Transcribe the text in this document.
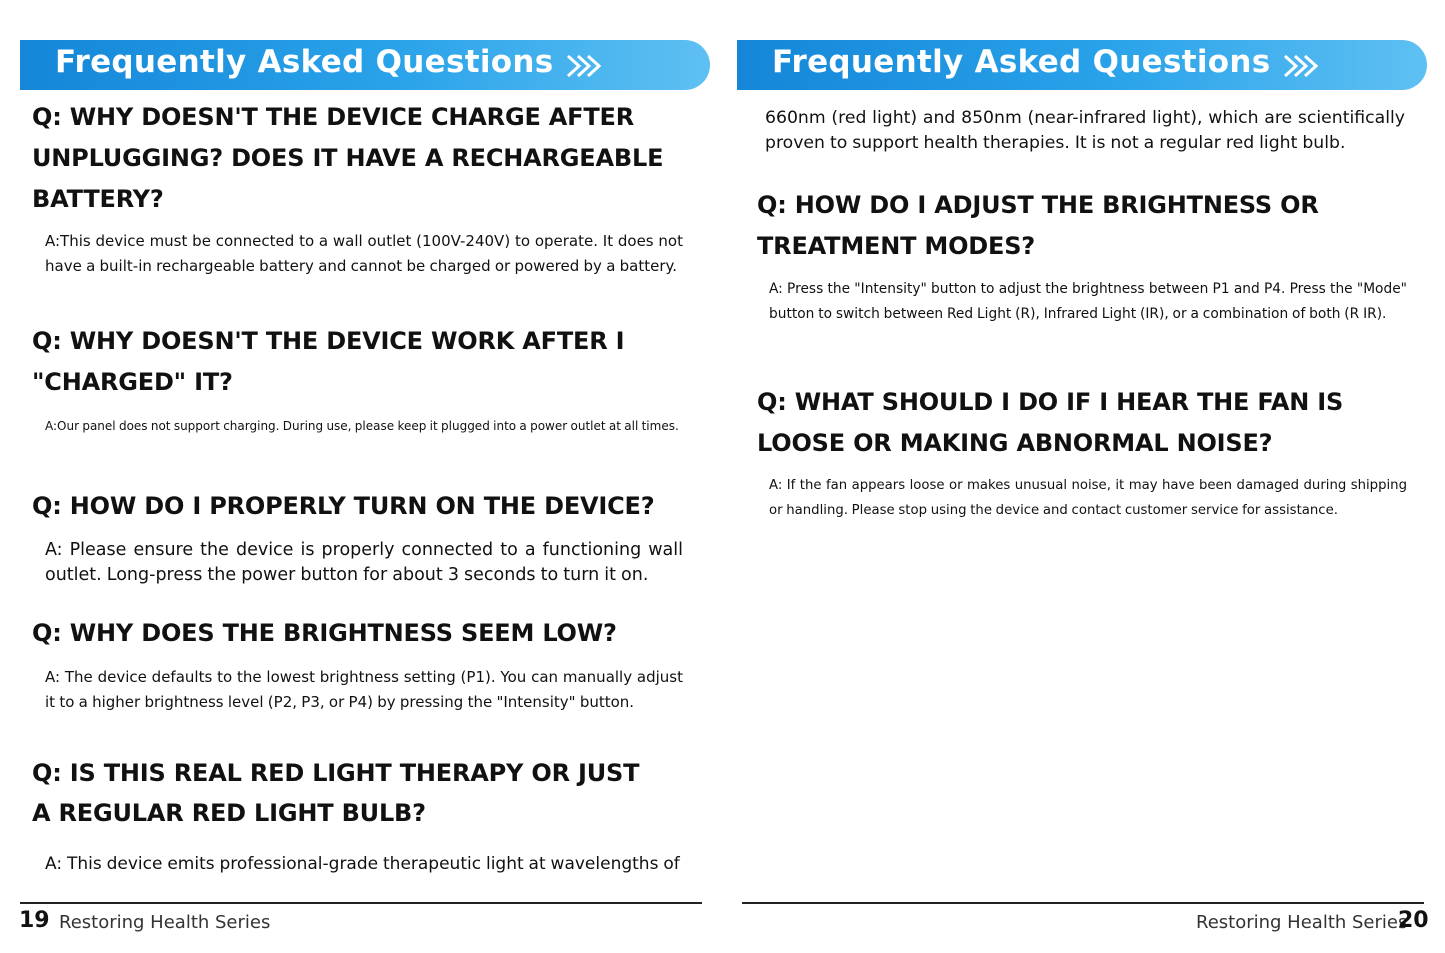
Frequently Asked Questions
Q: WHY DOESN'T THE DEVICE CHARGE AFTER
UNPLUGGING? DOES IT HAVE A RECHARGEABLE
BATTERY?

A:This device must be connected to a wall outlet (100V-240V) to operate. It does not have a built-in rechargeable battery and cannot be charged or powered by a battery.

Q: WHY DOESN'T THE DEVICE WORK AFTER I
"CHARGED" IT?

A:Our panel does not support charging. During use, please keep it plugged into a power outlet at all times.

Q: HOW DO I PROPERLY TURN ON THE DEVICE?

A: Please ensure the device is properly connected to a functioning wall outlet. Long-press the power button for about 3 seconds to turn it on.

Q: WHY DOES THE BRIGHTNESS SEEM LOW?

A: The device defaults to the lowest brightness setting (P1). You can manually adjust it to a higher brightness level (P2, P3, or P4) by pressing the "Intensity" button.

Q: IS THIS REAL RED LIGHT THERAPY OR JUST
A REGULAR RED LIGHT BULB?

A: This device emits professional-grade therapeutic light at wavelengths of

19 Restoring Health Series
Frequently Asked Questions

660nm (red light) and 850nm (near-infrared light), which are scientifically proven to support health therapies. It is not a regular red light bulb.

Q: HOW DO I ADJUST THE BRIGHTNESS OR
TREATMENT MODES?

A: Press the "Intensity" button to adjust the brightness between P1 and P4. Press the "Mode" button to switch between Red Light (R), Infrared Light (IR), or a combination of both (R IR).

Q: WHAT SHOULD I DO IF I HEAR THE FAN IS
LOOSE OR MAKING ABNORMAL NOISE?

A: If the fan appears loose or makes unusual noise, it may have been damaged during shipping or handling. Please stop using the device and contact customer service for assistance.

Restoring Health Series
20
